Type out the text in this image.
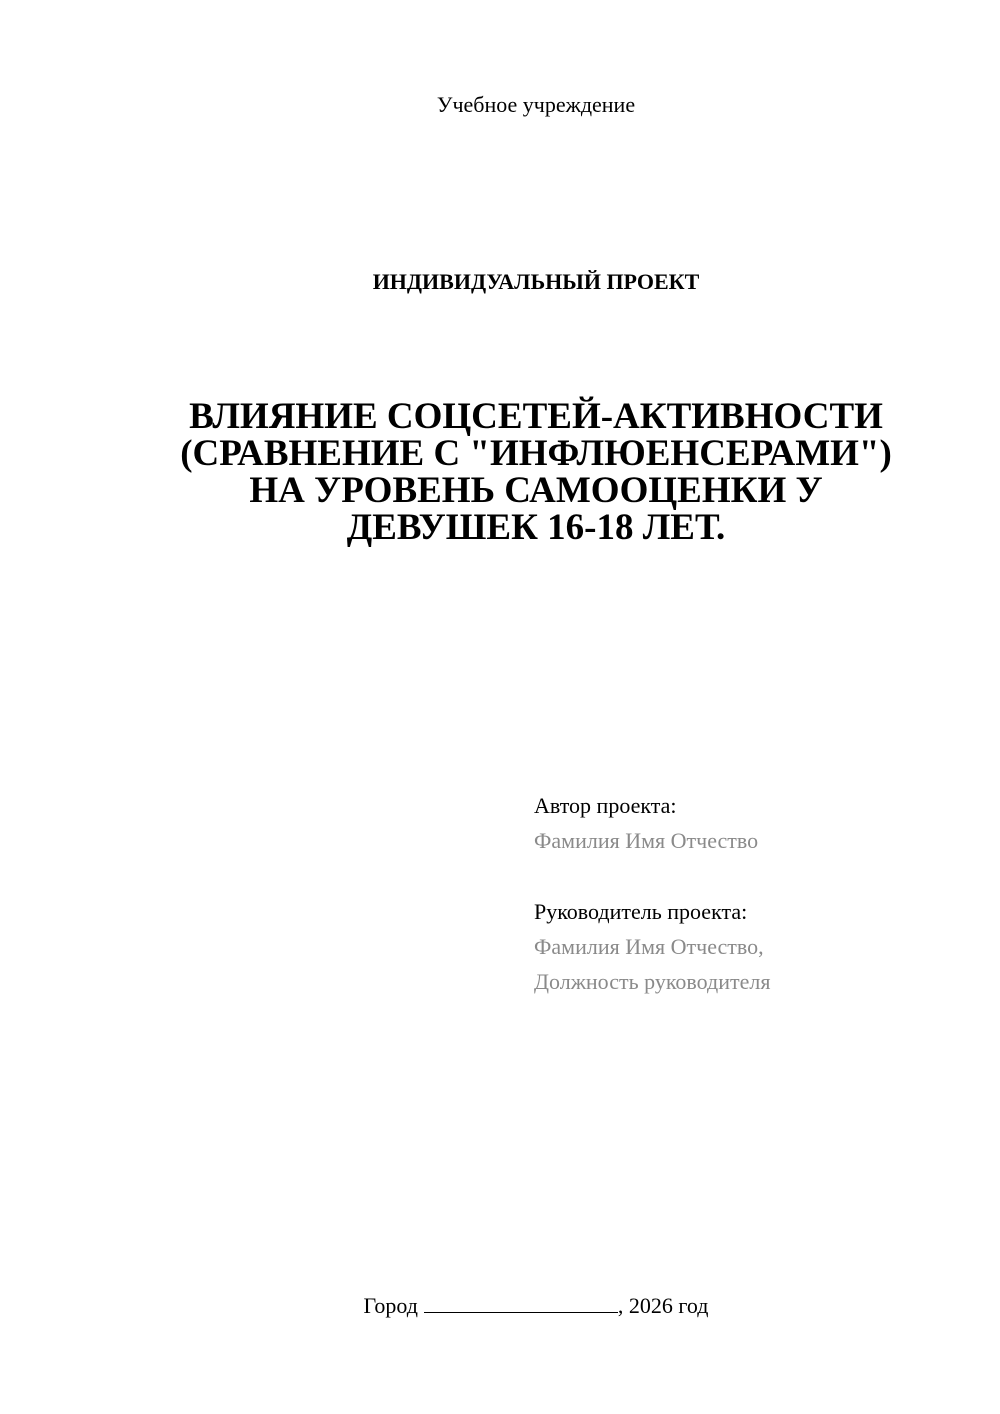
Учебное учреждение
ИНДИВИДУАЛЬНЫЙ ПРОЕКТ
ВЛИЯНИЕ СОЦСЕТЕЙ-АКТИВНОСТИ
(СРАВНЕНИЕ С "ИНФЛЮЕНСЕРАМИ")
НА УРОВЕНЬ САМООЦЕНКИ У
ДЕВУШЕК 16-18 ЛЕТ.
Автор проекта:
Фамилия Имя Отчество
Руководитель проекта:
Фамилия Имя Отчество,
Должность руководителя
Город	, 2026 год
